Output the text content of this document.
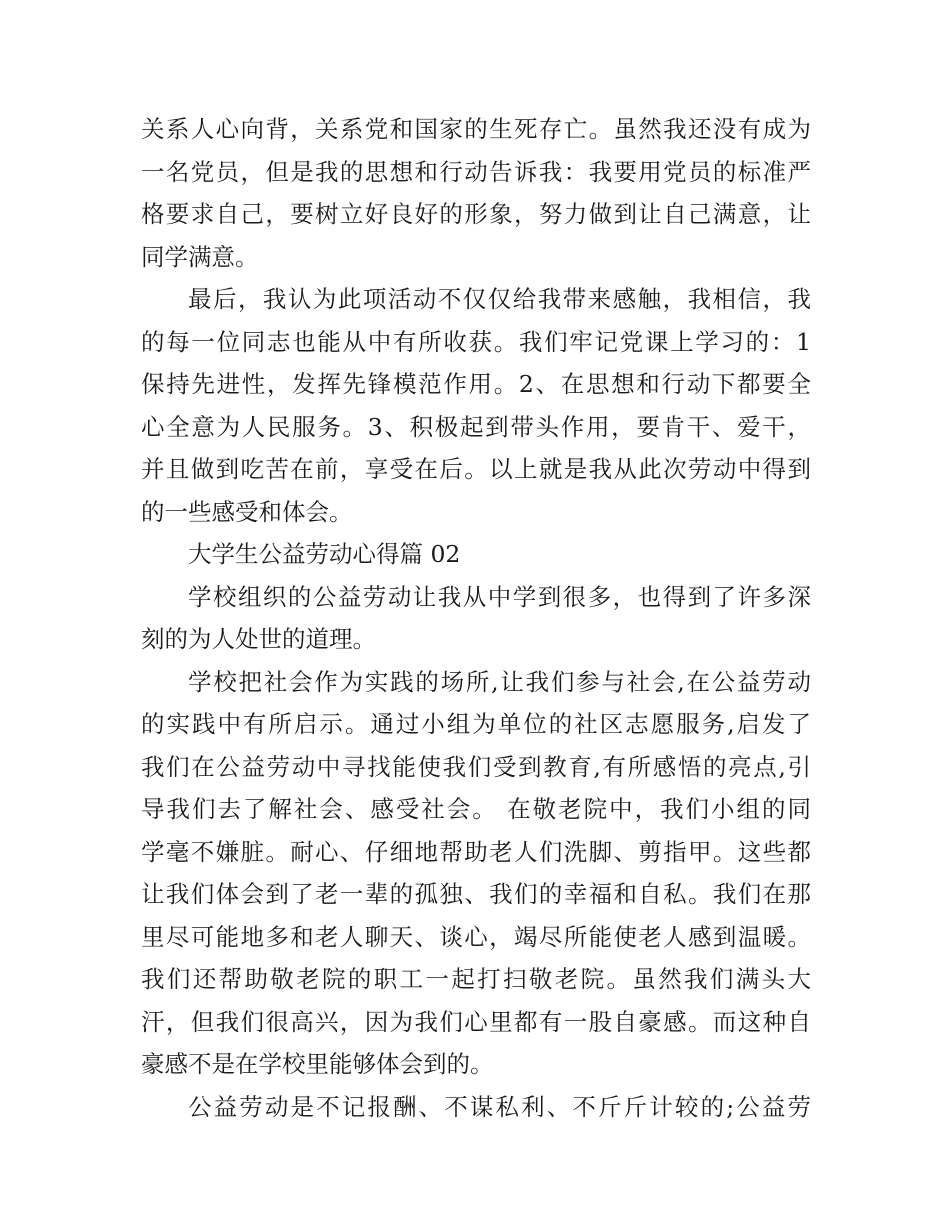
关系人心向背，关系党和国家的生死存亡。虽然我还没有成为
一名党员，但是我的思想和行动告诉我：我要用党员的标准严
格要求自己，要树立好良好的形象，努力做到让自己满意，让
同学满意。
最后，我认为此项活动不仅仅给我带来感触，我相信，我
的每一位同志也能从中有所收获。我们牢记党课上学习的：1
保持先进性，发挥先锋模范作用。2、在思想和行动下都要全
心全意为人民服务。3、积极起到带头作用，要肯干、爱干，
并且做到吃苦在前，享受在后。以上就是我从此次劳动中得到
的一些感受和体会。
大学生公益劳动心得篇 02
学校组织的公益劳动让我从中学到很多，也得到了许多深
刻的为人处世的道理。
学校把社会作为实践的场所,让我们参与社会,在公益劳动
的实践中有所启示。通过小组为单位的社区志愿服务,启发了
我们在公益劳动中寻找能使我们受到教育,有所感悟的亮点,引
导我们去了解社会、感受社会。 在敬老院中，我们小组的同
学毫不嫌脏。耐心、仔细地帮助老人们洗脚、剪指甲。这些都
让我们体会到了老一辈的孤独、我们的幸福和自私。我们在那
里尽可能地多和老人聊天、谈心，竭尽所能使老人感到温暖。
我们还帮助敬老院的职工一起打扫敬老院。虽然我们满头大
汗，但我们很高兴，因为我们心里都有一股自豪感。而这种自
豪感不是在学校里能够体会到的。
公益劳动是不记报酬、不谋私利、不斤斤计较的;公益劳
